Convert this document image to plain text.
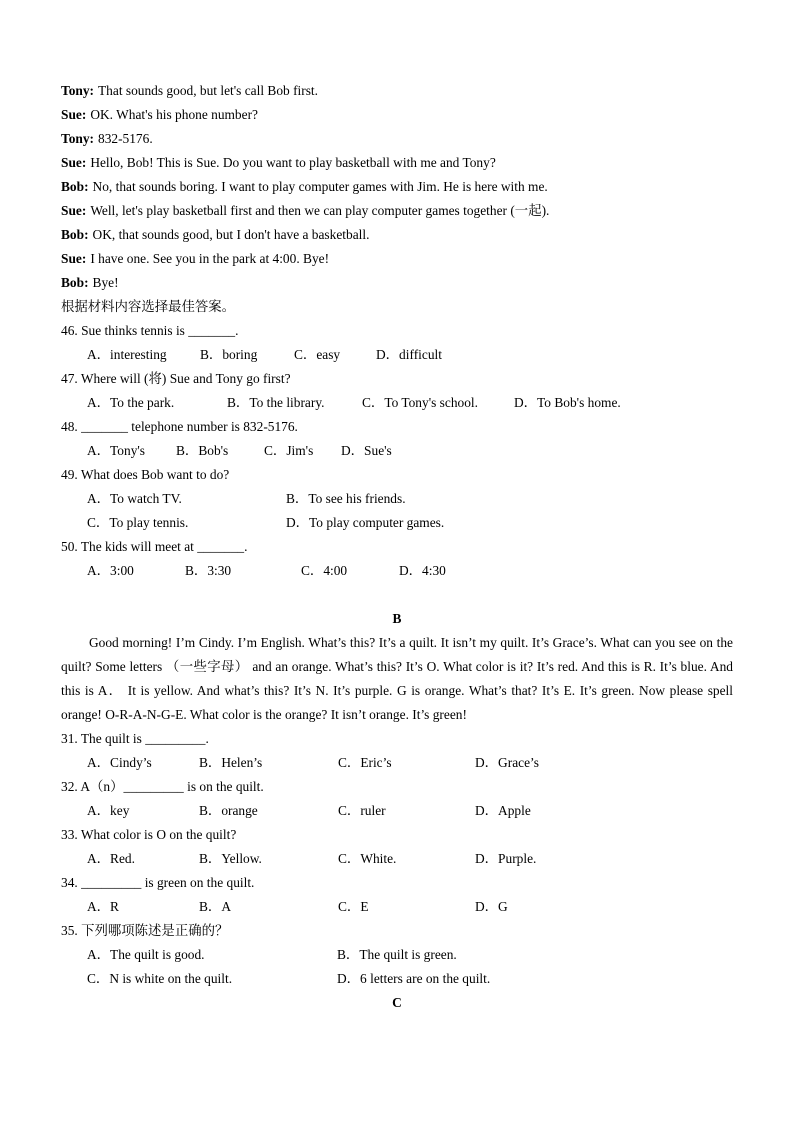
Tony: That sounds good, but let's call Bob first.
Sue: OK. What's his phone number?
Tony: 832-5176.
Sue: Hello, Bob! This is Sue. Do you want to play basketball with me and Tony?
Bob: No, that sounds boring. I want to play computer games with Jim. He is here with me.
Sue: Well, let's play basketball first and then we can play computer games together (一起).
Bob: OK, that sounds good, but I don't have a basketball.
Sue: I have one. See you in the park at 4:00. Bye!
Bob: Bye!
根据材料内容选择最佳答案。
46. Sue thinks tennis is _______.
A．interesting B．boring	C．easy	D．difficult
47. Where will (将) Sue and Tony go first?
A．To the park.	B．To the library.	C．To Tony's school.	D．To Bob's home.
48. _______ telephone number is 832-5176.
A．Tony's B．Bob's	C．Jim's D．Sue's
49. What does Bob want to do?
A．To watch TV.	B．To see his friends.
C．To play tennis.	D．To play computer games.
50. The kids will meet at _______.
A．3:00	B．3:30	C．4:00	D．4:30
B

Good morning! I’m Cindy. I’m English. What’s this? It’s a quilt. It isn’t my quilt. It’s Grace’s. What can you see on the quilt? Some letters （一些字母） and an orange. What’s this? It’s O. What color is it? It’s red. And this is R. It’s blue. And this is A． It is yellow. And what’s this? It’s N. It’s purple. G is orange. What’s that? It’s E. It’s green. Now please spell orange! O-R-A-N-G-E. What color is the orange? It isn’t orange. It’s green!

31. The quilt is _________.
A．Cindy’s	B．Helen’s	C．Eric’s	D．Grace’s
32. A（n）_________ is on the quilt.
A．key	B．orange	C．ruler	D．Apple
33. What color is O on the quilt?
A．Red.	B．Yellow.	C．White.	D．Purple.
34. _________ is green on the quilt.
A．R	B．A	C．E	D．G
35. 下列哪项陈述是正确的？
A．The quilt is good.	B．The quilt is green.
C．N is white on the quilt.	D．6 letters are on the quilt.
C
